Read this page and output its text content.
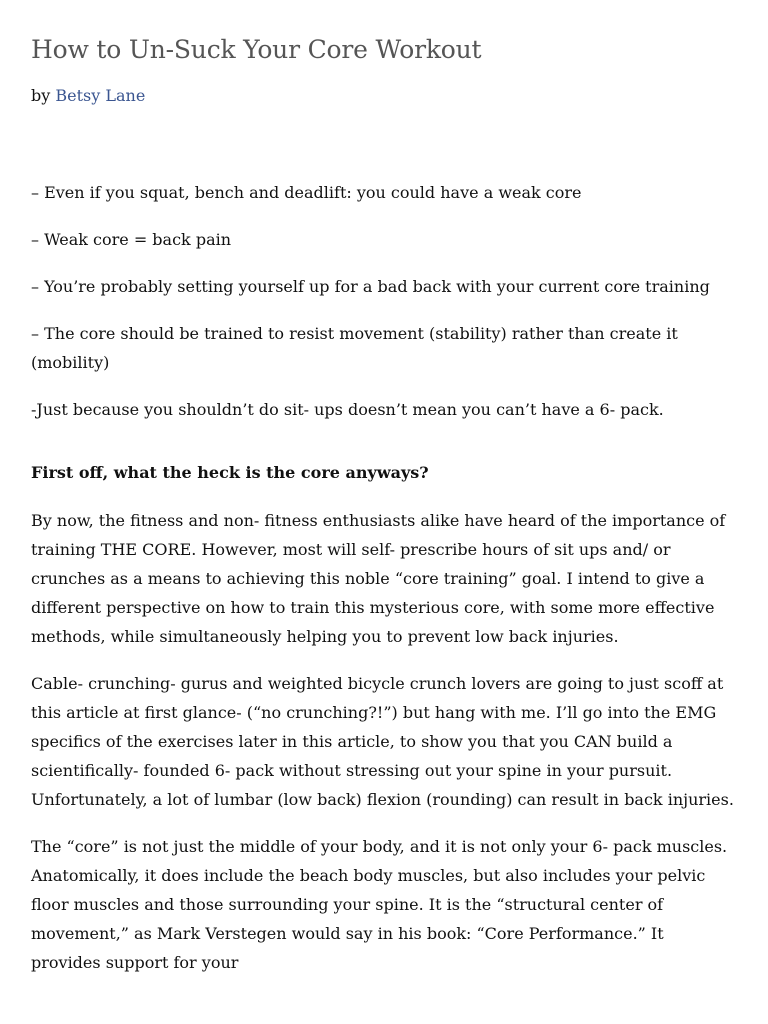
How to Un-Suck Your Core Workout
by Betsy Lane
– Even if you squat, bench and deadlift: you could have a weak core
– Weak core = back pain
– You’re probably setting yourself up for a bad back with your current core training
– The core should be trained to resist movement (stability) rather than create it (mobility)
-Just because you shouldn’t do sit- ups doesn’t mean you can’t have a 6- pack.
First off, what the heck is the core anyways?

By now, the fitness and non- fitness enthusiasts alike have heard of the importance of training THE CORE. However, most will self- prescribe hours of sit ups and/ or crunches as a means to achieving this noble “core training” goal. I intend to give a different perspective on how to train this mysterious core, with some more effective methods, while simultaneously helping you to prevent low back injuries.

Cable- crunching- gurus and weighted bicycle crunch lovers are going to just scoff at this article at first glance- (“no crunching?!”) but hang with me. I’ll go into the EMG specifics of the exercises later in this article, to show you that you CAN build a scientifically- founded 6- pack without stressing out your spine in your pursuit. Unfortunately, a lot of lumbar (low back) flexion (rounding) can result in back injuries.

The “core” is not just the middle of your body, and it is not only your 6- pack muscles. Anatomically, it does include the beach body muscles, but also includes your pelvic floor muscles and those surrounding your spine. It is the “structural center of movement,” as Mark Verstegen would say in his book: “Core Performance.” It provides support for your
